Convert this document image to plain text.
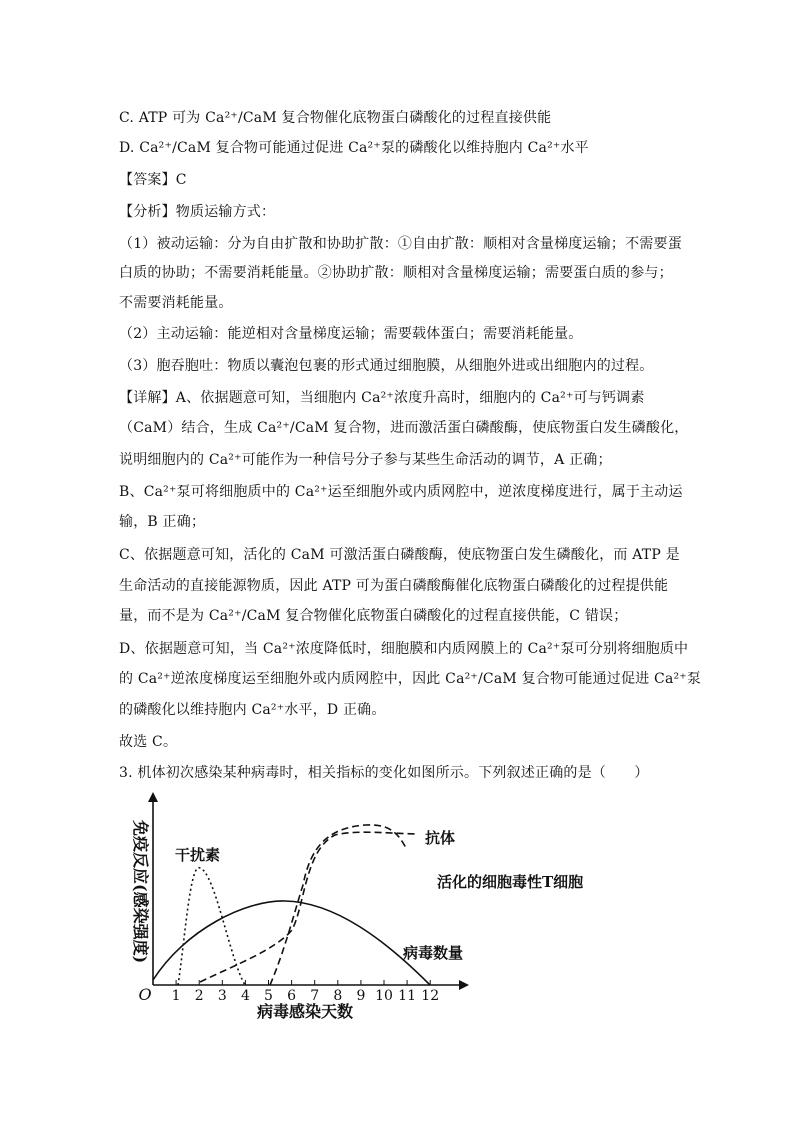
C. ATP 可为 Ca²⁺/CaM 复合物催化底物蛋白磷酸化的过程直接供能
D. Ca²⁺/CaM 复合物可能通过促进 Ca²⁺泵的磷酸化以维持胞内 Ca²⁺水平
【答案】C
【分析】物质运输方式：
（1）被动运输：分为自由扩散和协助扩散：①自由扩散：顺相对含量梯度运输；不需要蛋
白质的协助；不需要消耗能量。②协助扩散：顺相对含量梯度运输；需要蛋白质的参与；
不需要消耗能量。
（2）主动运输：能逆相对含量梯度运输；需要载体蛋白；需要消耗能量。
（3）胞吞胞吐：物质以囊泡包裹的形式通过细胞膜，从细胞外进或出细胞内的过程。
【详解】A、依据题意可知，当细胞内 Ca²⁺浓度升高时，细胞内的 Ca²⁺可与钙调素
（CaM）结合，生成 Ca²⁺/CaM 复合物，进而激活蛋白磷酸酶，使底物蛋白发生磷酸化，
说明细胞内的 Ca²⁺可能作为一种信号分子参与某些生命活动的调节，A 正确；
B、Ca²⁺泵可将细胞质中的 Ca²⁺运至细胞外或内质网腔中，逆浓度梯度进行，属于主动运
输，B 正确；
C、依据题意可知，活化的 CaM 可激活蛋白磷酸酶，使底物蛋白发生磷酸化，而 ATP 是
生命活动的直接能源物质，因此 ATP 可为蛋白磷酸酶催化底物蛋白磷酸化的过程提供能
量，而不是为 Ca²⁺/CaM 复合物催化底物蛋白磷酸化的过程直接供能，C 错误；
D、依据题意可知，当 Ca²⁺浓度降低时，细胞膜和内质网膜上的 Ca²⁺泵可分别将细胞质中
的 Ca²⁺逆浓度梯度运至细胞外或内质网腔中，因此 Ca²⁺/CaM 复合物可能通过促进 Ca²⁺泵
的磷酸化以维持胞内 Ca²⁺水平，D 正确。
故选 C。
3. 机体初次感染某种病毒时，相关指标的变化如图所示。下列叙述正确的是（　　）
1 2 3 4 5 6 7 8 9 10 11 12
O
免疫反应(感染强度)
病毒感染天数
干扰素
抗体
活化的细胞毒性T细胞
病毒数量
